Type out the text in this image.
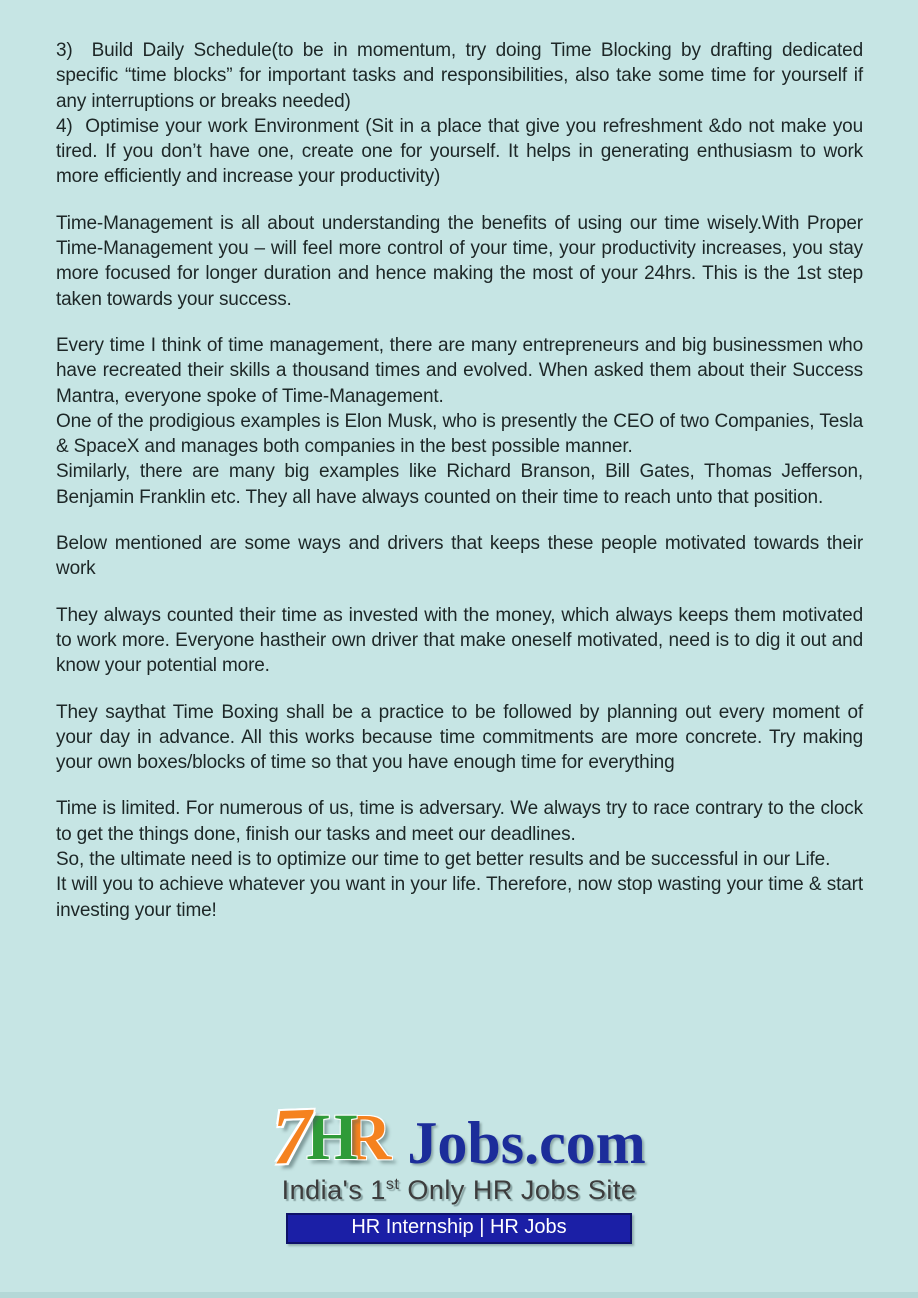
3)  Build Daily Schedule(to be in momentum, try doing Time Blocking by drafting dedicated specific “time blocks” for important tasks and responsibilities, also take some time for yourself if any interruptions or breaks needed)

4)  Optimise your work Environment (Sit in a place that give you refreshment &do not make you tired. If you don’t have one, create one for yourself. It helps in generating enthusiasm to work more efficiently and increase your productivity)

Time-Management is all about understanding the benefits of using our time wisely.With Proper Time-Management you – will feel more control of your time, your productivity increases, you stay more focused for longer duration and hence making the most of your 24hrs. This is the 1st step taken towards your success.

Every time I think of time management, there are many entrepreneurs and big businessmen who have recreated their skills a thousand times and evolved. When asked them about their Success Mantra, everyone spoke of Time-Management.

One of the prodigious examples is Elon Musk, who is presently the CEO of two Companies, Tesla & SpaceX and manages both companies in the best possible manner.

Similarly, there are many big examples like Richard Branson, Bill Gates, Thomas Jefferson, Benjamin Franklin etc. They all have always counted on their time to reach unto that position.

Below mentioned are some ways and drivers that keeps these people motivated towards their work

They always counted their time as invested with the money, which always keeps them motivated to work more. Everyone hastheir own driver that make oneself motivated, need is to dig it out and know your potential more.

They saythat Time Boxing shall be a practice to be followed by planning out every moment of your day in advance. All this works because time commitments are more concrete. Try making your own boxes/blocks of time so that you have enough time for everything

Time is limited. For numerous of us, time is adversary. We always try to race contrary to the clock to get the things done, finish our tasks and meet our deadlines.

So, the ultimate need is to optimize our time to get better results and be successful in our Life.

It will you to achieve whatever you want in your life. Therefore, now stop wasting your time & start investing your time!

7
H
R Jobs.com
India's 1st Only HR Jobs Site
HR Internship | HR Jobs
